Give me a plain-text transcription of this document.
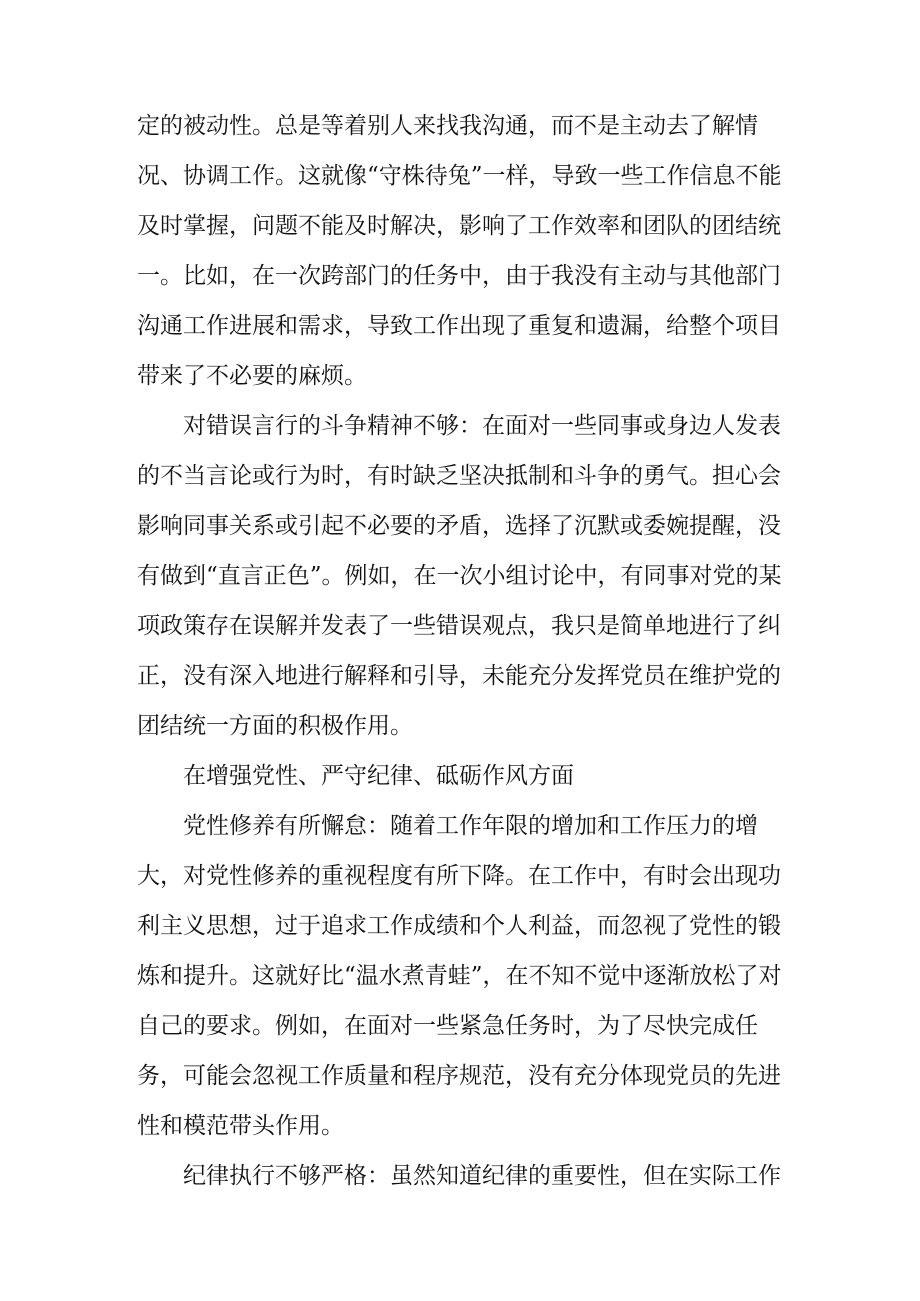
定的被动性。总是等着别人来找我沟通，而不是主动去了解情况、协调工作。这就像“守株待兔”一样，导致一些工作信息不能及时掌握，问题不能及时解决，影响了工作效率和团队的团结统一。比如，在一次跨部门的任务中，由于我没有主动与其他部门沟通工作进展和需求，导致工作出现了重复和遗漏，给整个项目带来了不必要的麻烦。

对错误言行的斗争精神不够：在面对一些同事或身边人发表的不当言论或行为时，有时缺乏坚决抵制和斗争的勇气。担心会影响同事关系或引起不必要的矛盾，选择了沉默或委婉提醒，没有做到“直言正色”。例如，在一次小组讨论中，有同事对党的某项政策存在误解并发表了一些错误观点，我只是简单地进行了纠正，没有深入地进行解释和引导，未能充分发挥党员在维护党的团结统一方面的积极作用。

在增强党性、严守纪律、砥砺作风方面

党性修养有所懈怠：随着工作年限的增加和工作压力的增大，对党性修养的重视程度有所下降。在工作中，有时会出现功利主义思想，过于追求工作成绩和个人利益，而忽视了党性的锻炼和提升。这就好比“温水煮青蛙”，在不知不觉中逐渐放松了对自己的要求。例如，在面对一些紧急任务时，为了尽快完成任务，可能会忽视工作质量和程序规范，没有充分体现党员的先进性和模范带头作用。

纪律执行不够严格：虽然知道纪律的重要性，但在实际工作
